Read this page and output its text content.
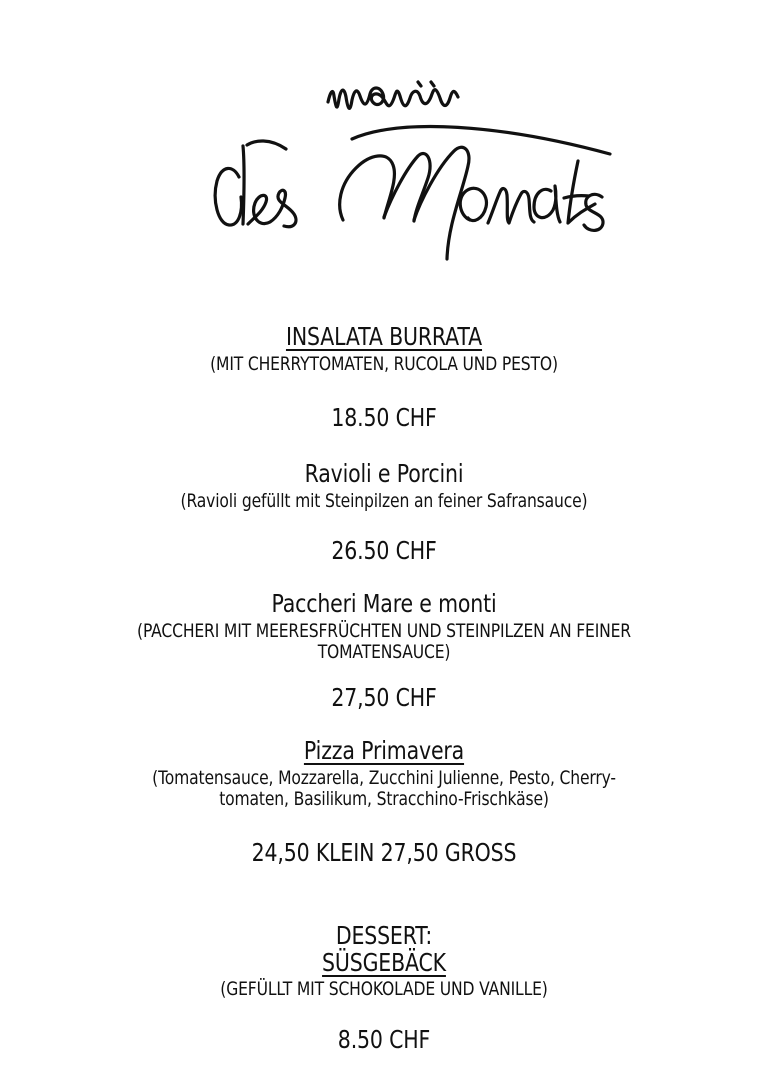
INSALATA BURRATA
(MIT CHERRYTOMATEN, RUCOLA UND PESTO)
18.50 CHF
Ravioli e Porcini
(Ravioli gefüllt mit Steinpilzen an feiner Safransauce)
26.50 CHF
Paccheri Mare e monti
(PACCHERI MIT MEERESFRÜCHTEN UND STEINPILZEN AN FEINER
TOMATENSAUCE)
27,50 CHF
Pizza Primavera
(Tomatensauce, Mozzarella, Zucchini Julienne, Pesto, Cherry-
tomaten, Basilikum, Stracchino-Frischkäse)
24,50 KLEIN 27,50 GROSS
DESSERT:
SÜSGEBÄCK
(GEFÜLLT MIT SCHOKOLADE UND VANILLE)
8.50 CHF
